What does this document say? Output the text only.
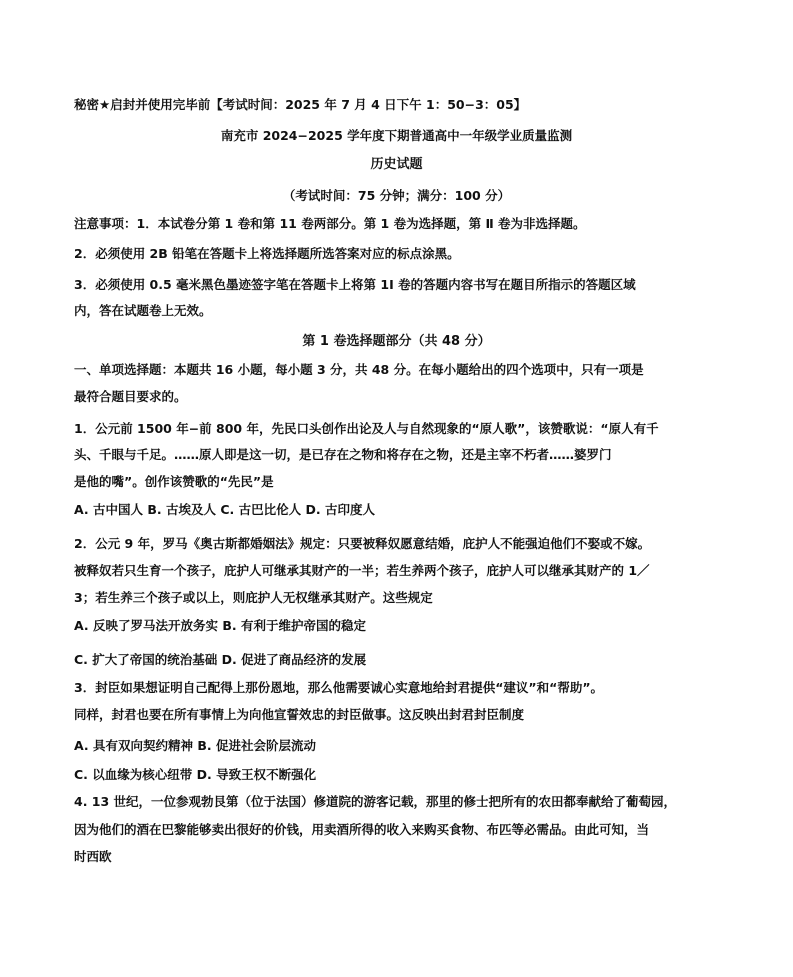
秘密★启封并使用完毕前【考试时间：2025 年 7 月 4 日下午 1：50−3：05】
南充市 2024−2025 学年度下期普通高中一年级学业质量监测
历史试题
（考试时间：75 分钟；满分：100 分）
注意事项：1．本试卷分第 1 卷和第 11 卷两部分。第 1 卷为选择题，第 Ⅱ 卷为非选择题。
2．必须使用 2B 铅笔在答题卡上将选择题所选答案对应的标点涂黑。
3．必须使用 0.5 毫米黑色墨迹签字笔在答题卡上将第 1I 卷的答题内容书写在题目所指示的答题区域
内，答在试题卷上无效。
第 1 卷选择题部分（共 48 分）
一、单项选择题：本题共 16 小题，每小题 3 分，共 48 分。在每小题给出的四个选项中，只有一项是
最符合题目要求的。
1．公元前 1500 年−前 800 年，先民口头创作出论及人与自然现象的“原人歌”，该赞歌说：“原人有千
头、千眼与千足。……原人即是这一切，是已存在之物和将存在之物，还是主宰不朽者……婆罗门
是他的嘴”。创作该赞歌的“先民”是
A. 古中国人 B. 古埃及人 C. 古巴比伦人 D. 古印度人
2．公元 9 年，罗马《奥古斯都婚姻法》规定：只要被释奴愿意结婚，庇护人不能强迫他们不娶或不嫁。
被释奴若只生育一个孩子，庇护人可继承其财产的一半；若生养两个孩子，庇护人可以继承其财产的 1／
3；若生养三个孩子或以上，则庇护人无权继承其财产。这些规定
A. 反映了罗马法开放务实 B. 有利于维护帝国的稳定
C. 扩大了帝国的统治基础 D. 促进了商品经济的发展
3．封臣如果想证明自己配得上那份恩地，那么他需要诚心实意地给封君提供“建议”和“帮助”。
同样，封君也要在所有事情上为向他宣誓效忠的封臣做事。这反映出封君封臣制度
A. 具有双向契约精神 B. 促进社会阶层流动
C. 以血缘为核心纽带 D. 导致王权不断强化
4. 13 世纪，一位参观勃艮第（位于法国）修道院的游客记载，那里的修士把所有的农田都奉献给了葡萄园，
因为他们的酒在巴黎能够卖出很好的价钱，用卖酒所得的收入来购买食物、布匹等必需品。由此可知，当
时西欧
